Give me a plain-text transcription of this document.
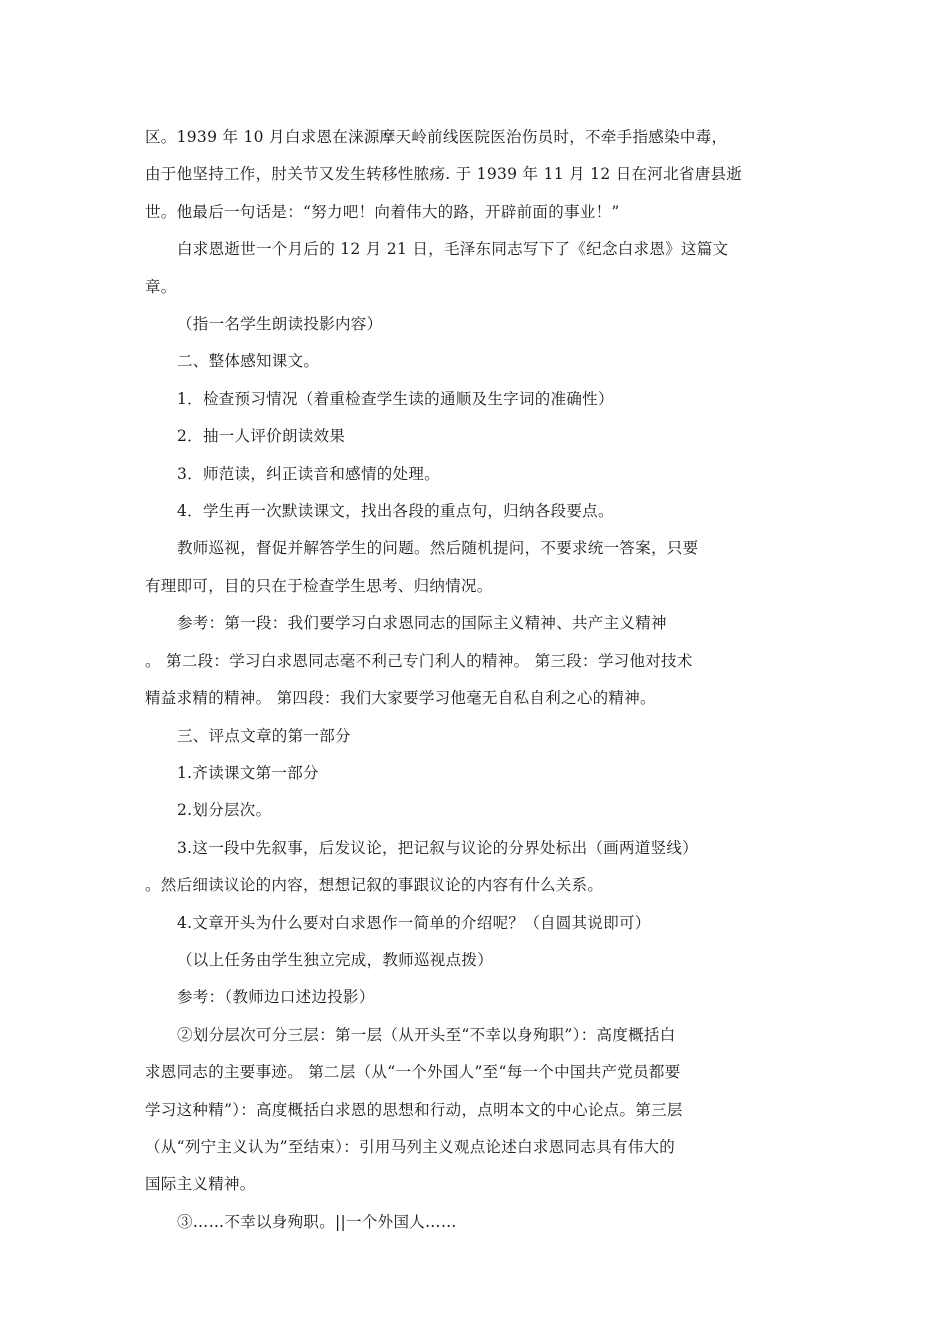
区。1939 年 10 月白求恩在涞源摩天岭前线医院医治伤员时，不牵手指感染中毒，

由于他坚持工作，肘关节又发生转移性脓疡. 于 1939 年 11 月 12 日在河北省唐县逝

世。他最后一句话是：“努力吧！向着伟大的路，开辟前面的事业！”

白求恩逝世一个月后的 12 月 21 日，毛泽东同志写下了《纪念白求恩》这篇文

章。

（指一名学生朗读投影内容）

二、整体感知课文。

1．检查预习情况（着重检查学生读的通顺及生字词的准确性）

2．抽一人评价朗读效果

3．师范读，纠正读音和感情的处理。

4．学生再一次默读课文，找出各段的重点句，归纳各段要点。

教师巡视，督促并解答学生的问题。然后随机提问，不要求统一答案，只要

有理即可，目的只在于检查学生思考、归纳情况。

参考：第一段：我们要学习白求恩同志的国际主义精神、共产主义精神

。 第二段：学习白求恩同志毫不利己专门利人的精神。 第三段：学习他对技术

精益求精的精神。 第四段：我们大家要学习他毫无自私自利之心的精神。

三、评点文章的第一部分

1.齐读课文第一部分

2.划分层次。

3.这一段中先叙事，后发议论，把记叙与议论的分界处标出（画两道竖线）

。然后细读议论的内容，想想记叙的事跟议论的内容有什么关系。

4.文章开头为什么要对白求恩作一简单的介绍呢？（自圆其说即可）

（以上任务由学生独立完成，教师巡视点拨）

参考：（教师边口述边投影）

②划分层次可分三层：第一层（从开头至“不幸以身殉职”）：高度概括白

求恩同志的主要事迹。 第二层（从“一个外国人”至“每一个中国共产党员都要

学习这种精”）：高度概括白求恩的思想和行动，点明本文的中心论点。第三层

（从“列宁主义认为”至结束）：引用马列主义观点论述白求恩同志具有伟大的

国际主义精神。

③……不幸以身殉职。||一个外国人……
